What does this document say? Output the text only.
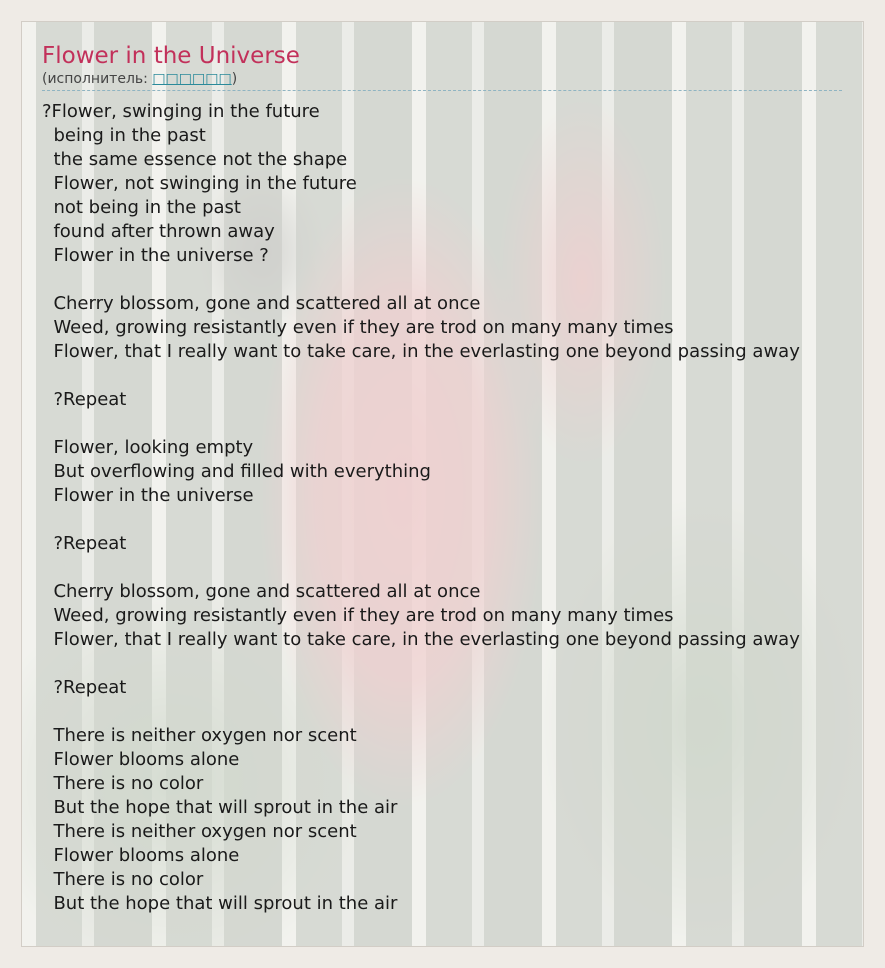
Flower in the Universe
(исполнитель: □□□□□□)
?Flower, swinging in the future
being in the past
the same essence not the shape
Flower, not swinging in the future
not being in the past
found after thrown away
Flower in the universe ?

Cherry blossom, gone and scattered all at once
Weed, growing resistantly even if they are trod on many many times
Flower, that I really want to take care, in the everlasting one beyond passing away

?Repeat

Flower, looking empty
But overflowing and filled with everything
Flower in the universe

?Repeat

Cherry blossom, gone and scattered all at once
Weed, growing resistantly even if they are trod on many many times
Flower, that I really want to take care, in the everlasting one beyond passing away

?Repeat

There is neither oxygen nor scent
Flower blooms alone
There is no color
But the hope that will sprout in the air
There is neither oxygen nor scent
Flower blooms alone
There is no color
But the hope that will sprout in the air
